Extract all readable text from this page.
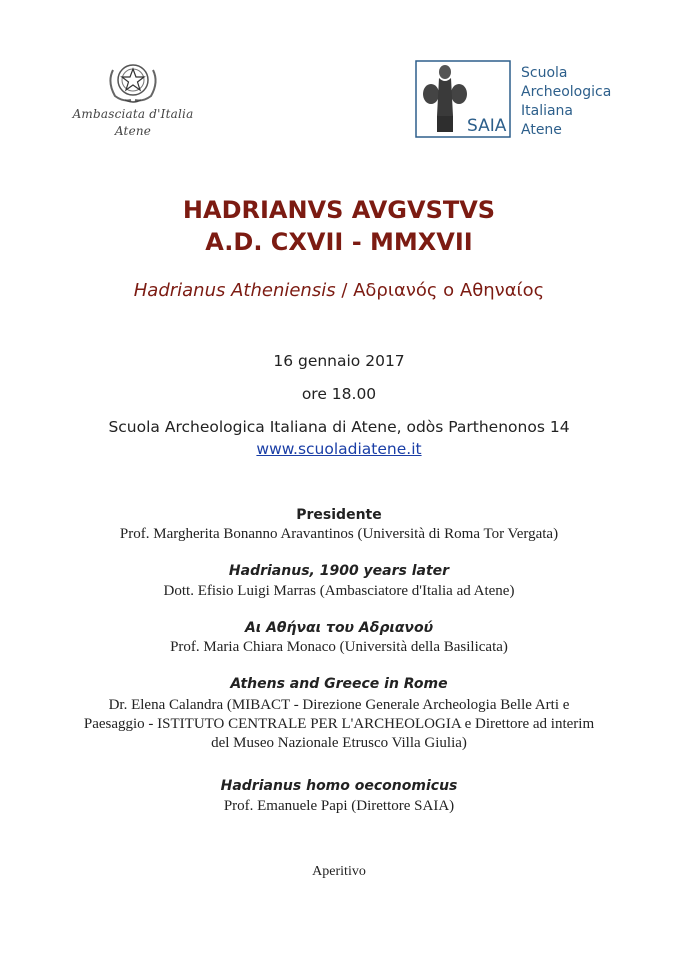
Ambasciata d'Italia
Atene	SAIA
Scuola
Archeologica
Italiana
Atene
HADRIANVS AVGVSTVS
A.D. CXVII - MMXVII
Hadrianus Atheniensis / Αδριανός ο Αθηναίος
16 gennaio 2017
ore 18.00
Scuola Archeologica Italiana di Atene, odòs Parthenonos 14
www.scuoladiatene.it
Presidente
Prof. Margherita Bonanno Aravantinos (Università di Roma Tor Vergata)
Hadrianus, 1900 years later
Dott. Efisio Luigi Marras (Ambasciatore d'Italia ad Atene)
Αι Αθήναι του Αδριανού
Prof. Maria Chiara Monaco (Università della Basilicata)
Athens and Greece in Rome
Dr. Elena Calandra (MIBACT - Direzione Generale Archeologia Belle Arti e
Paesaggio - ISTITUTO CENTRALE PER L'ARCHEOLOGIA e Direttore ad interim
del Museo Nazionale Etrusco Villa Giulia)
Hadrianus homo oeconomicus
Prof. Emanuele Papi (Direttore SAIA)
Aperitivo
